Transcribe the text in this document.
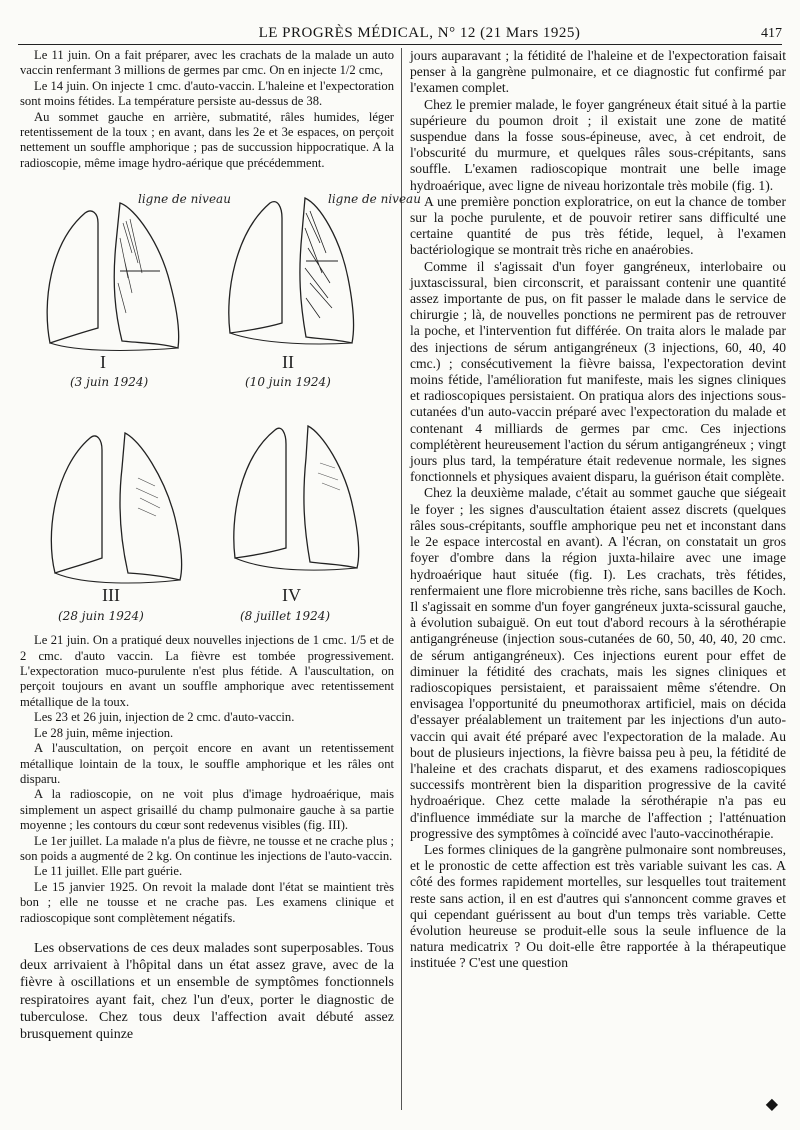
LE PROGRÈS MÉDICAL, N° 12 (21 Mars 1925)	417

Le 11 juin. On a fait préparer, avec les crachats de la malade un auto vaccin renfermant 3 millions de germes par cmc. On en injecte 1/2 cmc,

Le 14 juin. On injecte 1 cmc. d'auto-vaccin. L'haleine et l'expectoration sont moins fétides. La température persiste au-dessus de 38.

Au sommet gauche en arrière, submatité, râles humides, léger retentissement de la toux ; en avant, dans les 2e et 3e espaces, on perçoit nettement un souffle amphorique ; pas de succussion hippocratique. A la radioscopie, même image hydro-aérique que précédemment.

ligne de niveau
I
(3 juin 1924)
ligne de niveau
II
(10 juin 1924)
III
(28 juin 1924)
IV
(8 juillet 1924)

Le 21 juin. On a pratiqué deux nouvelles injections de 1 cmc. 1/5 et de 2 cmc. d'auto vaccin. La fièvre est tombée progressivement. L'expectoration muco-purulente n'est plus fétide. A l'auscultation, on perçoit toujours en avant un souffle amphorique avec retentissement métallique de la toux.

Les 23 et 26 juin, injection de 2 cmc. d'auto-vaccin.

Le 28 juin, même injection.

A l'auscultation, on perçoit encore en avant un retentissement métallique lointain de la toux, le souffle amphorique et les râles ont disparu.

A la radioscopie, on ne voit plus d'image hydroaérique, mais simplement un aspect grisaillé du champ pulmonaire gauche à sa partie moyenne ; les contours du cœur sont redevenus visibles (fig. III).

Le 1er juillet. La malade n'a plus de fièvre, ne tousse et ne crache plus ; son poids a augmenté de 2 kg. On continue les injections de l'auto-vaccin.

Le 11 juillet. Elle part guérie.

Le 15 janvier 1925. On revoit la malade dont l'état se maintient très bon ; elle ne tousse et ne crache pas. Les examens clinique et radioscopique sont complètement négatifs.

Les observations de ces deux malades sont superposables. Tous deux arrivaient à l'hôpital dans un état assez grave, avec de la fièvre à oscillations et un ensemble de symptômes fonctionnels respiratoires ayant fait, chez l'un d'eux, porter le diagnostic de tuberculose. Chez tous deux l'affection avait débuté assez brusquement quinze

jours auparavant ; la fétidité de l'haleine et de l'expectoration faisait penser à la gangrène pulmonaire, et ce diagnostic fut confirmé par l'examen complet.

Chez le premier malade, le foyer gangréneux était situé à la partie supérieure du poumon droit ; il existait une zone de matité suspendue dans la fosse sous-épineuse, avec, à cet endroit, de l'obscurité du murmure, et quelques râles sous-crépitants, sans souffle. L'examen radioscopique montrait une belle image hydroaérique, avec ligne de niveau horizontale très mobile (fig. 1).

A une première ponction exploratrice, on eut la chance de tomber sur la poche purulente, et de pouvoir retirer sans difficulté une certaine quantité de pus très fétide, lequel, à l'examen bactériologique se montrait très riche en anaérobies.

Comme il s'agissait d'un foyer gangréneux, interlobaire ou juxtascissural, bien circonscrit, et paraissant contenir une quantité assez importante de pus, on fit passer le malade dans le service de chirurgie ; là, de nouvelles ponctions ne permirent pas de retrouver la poche, et l'intervention fut différée. On traita alors le malade par des injections de sérum antigangréneux (3 injections, 60, 40, 40 cmc.) ; consécutivement la fièvre baissa, l'expectoration devint moins fétide, l'amélioration fut manifeste, mais les signes cliniques et radioscopiques persistaient. On pratiqua alors des injections sous-cutanées d'un auto-vaccin préparé avec l'expectoration du malade et contenant 4 milliards de germes par cmc. Ces injections complétèrent heureusement l'action du sérum antigangréneux ; vingt jours plus tard, la température était redevenue normale, les signes fonctionnels et physiques avaient disparu, la guérison était complète.

Chez la deuxième malade, c'était au sommet gauche que siégeait le foyer ; les signes d'auscultation étaient assez discrets (quelques râles sous-crépitants, souffle amphorique peu net et inconstant dans le 2e espace intercostal en avant). A l'écran, on constatait un gros foyer d'ombre dans la région juxta-hilaire avec une image hydroaérique haut située (fig. I). Les crachats, très fétides, renfermaient une flore microbienne très riche, sans bacilles de Koch. Il s'agissait en somme d'un foyer gangréneux juxta-scissural gauche, à évolution subaiguë. On eut tout d'abord recours à la sérothérapie antigangréneuse (injection sous-cutanées de 60, 50, 40, 40, 20 cmc. de sérum antigangréneux). Ces injections eurent pour effet de diminuer la fétidité des crachats, mais les signes cliniques et radioscopiques persistaient, et paraissaient même s'étendre. On envisagea l'opportunité du pneumothorax artificiel, mais on décida d'essayer préalablement un traitement par les injections d'un auto-vaccin qui avait été préparé avec l'expectoration de la malade. Au bout de plusieurs injections, la fièvre baissa peu à peu, la fétidité de l'haleine et des crachats disparut, et des examens radioscopiques successifs montrèrent bien la disparition progressive de la cavité hydroaérique. Chez cette malade la sérothérapie n'a pas eu d'influence immédiate sur la marche de l'affection ; l'atténuation progressive des symptômes à coïncidé avec l'auto-vaccinothérapie.

Les formes cliniques de la gangrène pulmonaire sont nombreuses, et le pronostic de cette affection est très variable suivant les cas. A côté des formes rapidement mortelles, sur lesquelles tout traitement reste sans action, il en est d'autres qui s'annoncent comme graves et qui cependant guérissent au bout d'un temps très variable. Cette évolution heureuse se produit-elle sous la seule influence de la natura medicatrix ? Ou doit-elle être rapportée à la thérapeutique instituée ? C'est une question

◆
